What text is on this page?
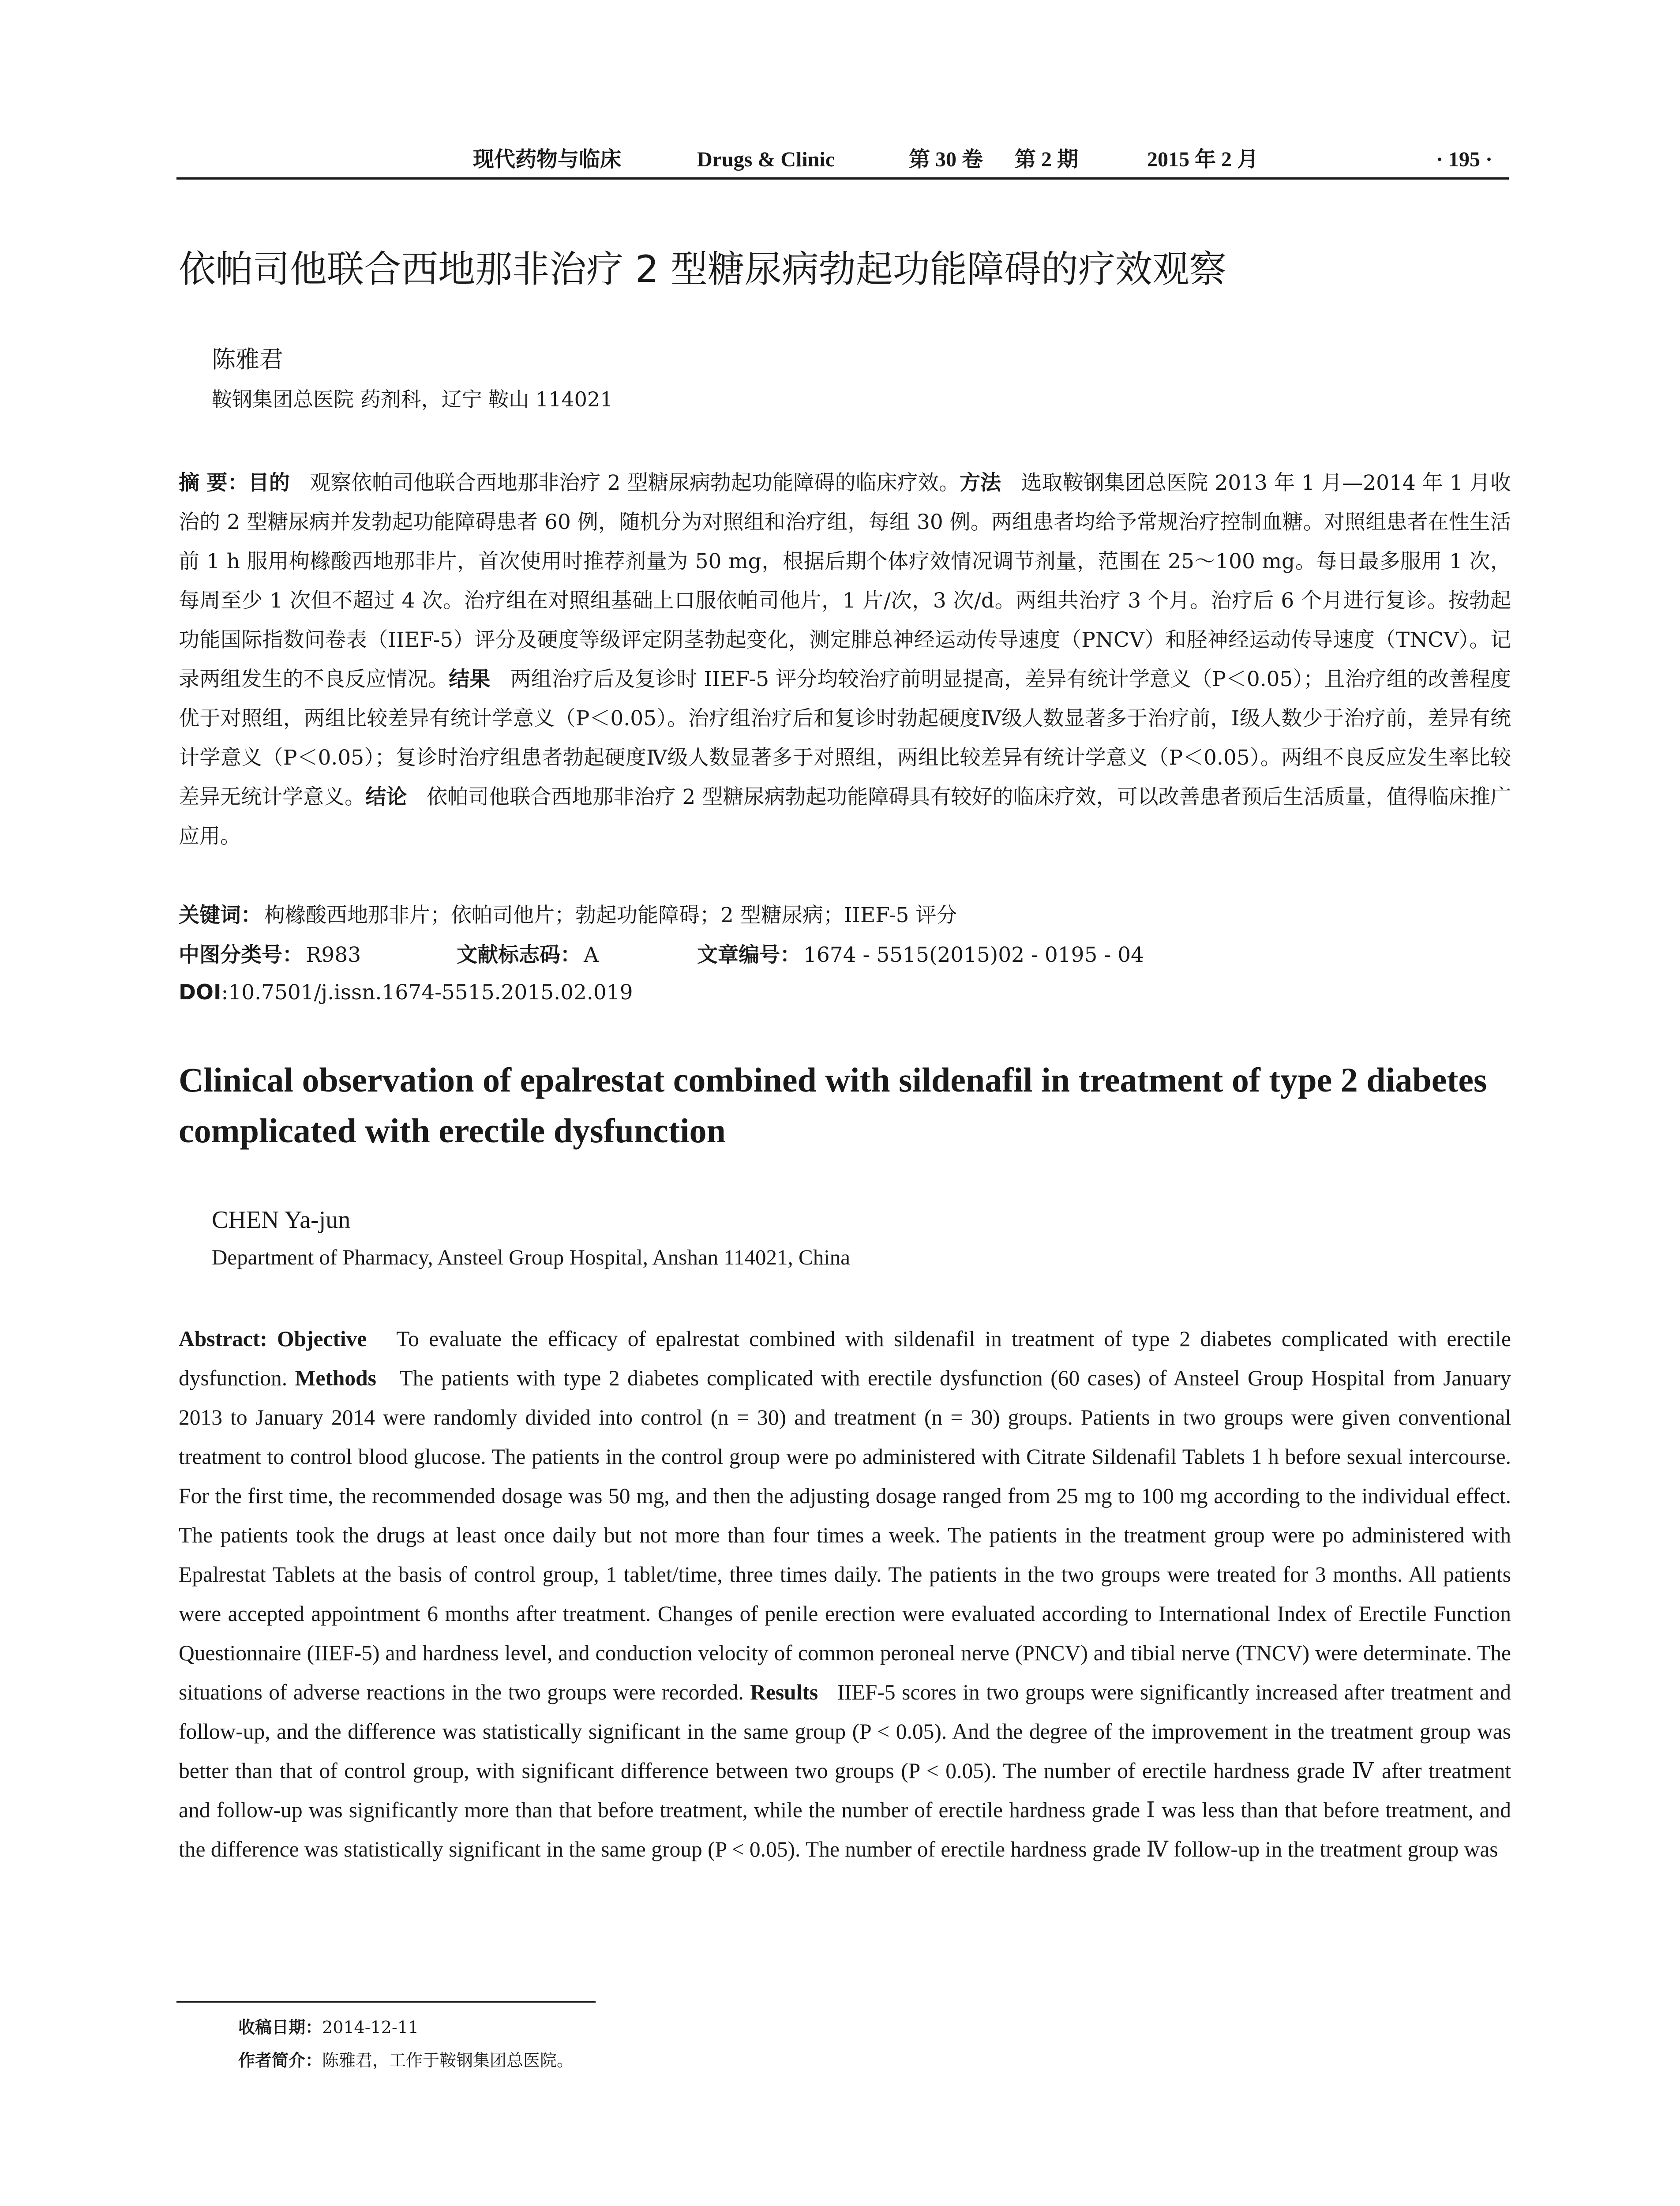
现代药物与临床	Drugs & Clinic	第 30 卷 第 2 期	2015 年 2 月	· 195 ·
依帕司他联合西地那非治疗 2 型糖尿病勃起功能障碍的疗效观察
陈雅君
鞍钢集团总医院 药剂科，辽宁 鞍山 114021
摘 要：目的 观察依帕司他联合西地那非治疗 2 型糖尿病勃起功能障碍的临床疗效。方法 选取鞍钢集团总医院 2013 年 1 月—2014 年 1 月收治的 2 型糖尿病并发勃起功能障碍患者 60 例，随机分为对照组和治疗组，每组 30 例。两组患者均给予常规治疗控制血糖。对照组患者在性生活前 1 h 服用枸橼酸西地那非片，首次使用时推荐剂量为 50 mg，根据后期个体疗效情况调节剂量，范围在 25～100 mg。每日最多服用 1 次，每周至少 1 次但不超过 4 次。治疗组在对照组基础上口服依帕司他片，1 片/次，3 次/d。两组共治疗 3 个月。治疗后 6 个月进行复诊。按勃起功能国际指数问卷表（IIEF-5）评分及硬度等级评定阴茎勃起变化，测定腓总神经运动传导速度（PNCV）和胫神经运动传导速度（TNCV）。记录两组发生的不良反应情况。结果 两组治疗后及复诊时 IIEF-5 评分均较治疗前明显提高，差异有统计学意义（P＜0.05）；且治疗组的改善程度优于对照组，两组比较差异有统计学意义（P＜0.05）。治疗组治疗后和复诊时勃起硬度Ⅳ级人数显著多于治疗前，Ⅰ级人数少于治疗前，差异有统计学意义（P＜0.05）；复诊时治疗组患者勃起硬度Ⅳ级人数显著多于对照组，两组比较差异有统计学意义（P＜0.05）。两组不良反应发生率比较差异无统计学意义。结论 依帕司他联合西地那非治疗 2 型糖尿病勃起功能障碍具有较好的临床疗效，可以改善患者预后生活质量，值得临床推广应用。
关键词： 枸橼酸西地那非片；依帕司他片；勃起功能障碍；2 型糖尿病；IIEF-5 评分
中图分类号： R983	文献标志码： A	文章编号： 1674 - 5515(2015)02 - 0195 - 04
DOI:10.7501/j.issn.1674-5515.2015.02.019
Clinical observation of epalrestat combined with sildenafil in treatment of type 2 diabetes complicated with erectile dysfunction
CHEN Ya-jun
Department of Pharmacy, Ansteel Group Hospital, Anshan 114021, China
Abstract: Objective To evaluate the efficacy of epalrestat combined with sildenafil in treatment of type 2 diabetes complicated with erectile dysfunction. Methods The patients with type 2 diabetes complicated with erectile dysfunction (60 cases) of Ansteel Group Hospital from January 2013 to January 2014 were randomly divided into control (n = 30) and treatment (n = 30) groups. Patients in two groups were given conventional treatment to control blood glucose. The patients in the control group were po administered with Citrate Sildenafil Tablets 1 h before sexual intercourse. For the first time, the recommended dosage was 50 mg, and then the adjusting dosage ranged from 25 mg to 100 mg according to the individual effect. The patients took the drugs at least once daily but not more than four times a week. The patients in the treatment group were po administered with Epalrestat Tablets at the basis of control group, 1 tablet/time, three times daily. The patients in the two groups were treated for 3 months. All patients were accepted appointment 6 months after treatment. Changes of penile erection were evaluated according to International Index of Erectile Function Questionnaire (IIEF-5) and hardness level, and conduction velocity of common peroneal nerve (PNCV) and tibial nerve (TNCV) were determinate. The situations of adverse reactions in the two groups were recorded. Results IIEF-5 scores in two groups were significantly increased after treatment and follow-up, and the difference was statistically significant in the same group (P < 0.05). And the degree of the improvement in the treatment group was better than that of control group, with significant difference between two groups (P < 0.05). The number of erectile hardness grade Ⅳ after treatment and follow-up was significantly more than that before treatment, while the number of erectile hardness grade Ⅰ was less than that before treatment, and the difference was statistically significant in the same group (P < 0.05). The number of erectile hardness grade Ⅳ follow-up in the treatment group was
收稿日期：2014-12-11
作者简介：陈雅君，工作于鞍钢集团总医院。
